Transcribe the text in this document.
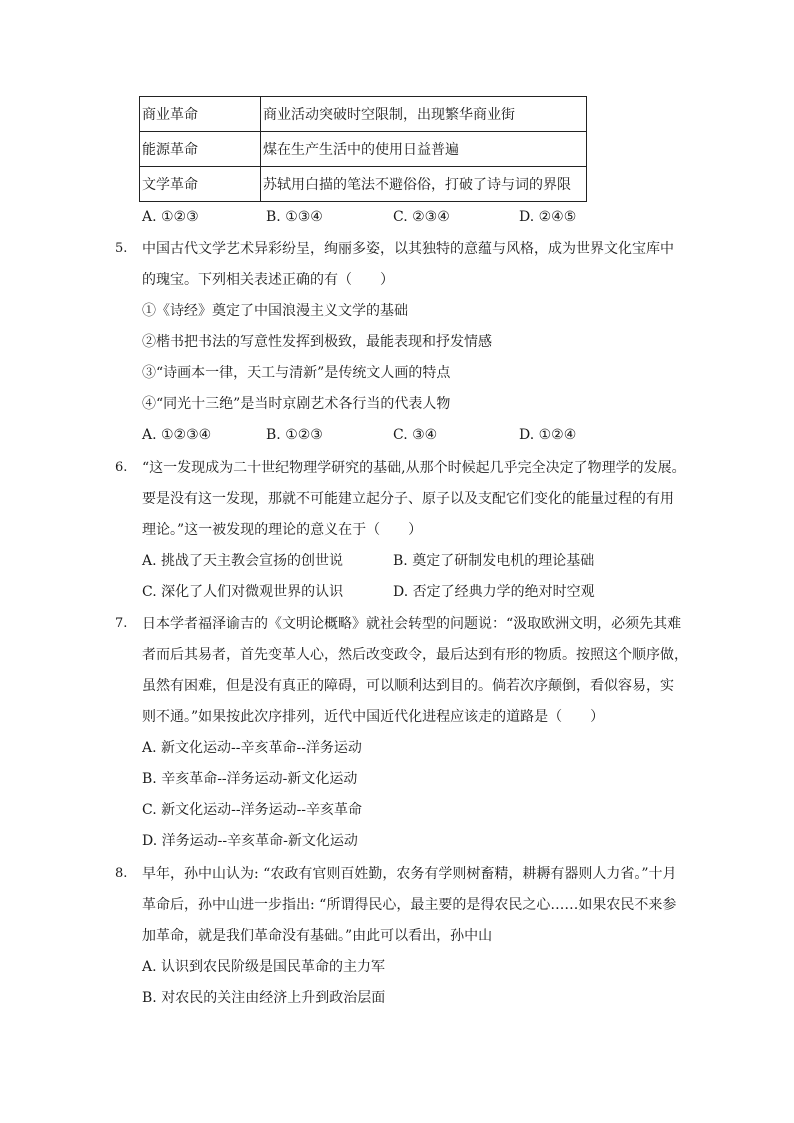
商业革命	商业活动突破时空限制，出现繁华商业街
能源革命	煤在生产生活中的使用日益普遍
文学革命	苏轼用白描的笔法不避俗俗，打破了诗与词的界限
A. ①②③	B. ①③④	C. ②③④	D. ②④⑤
5. 中国古代文学艺术异彩纷呈，绚丽多姿，以其独特的意蕴与风格，成为世界文化宝库中
的瑰宝。下列相关表述正确的有（　　）
①《诗经》奠定了中国浪漫主义文学的基础
②楷书把书法的写意性发挥到极致，最能表现和抒发情感
③“诗画本一律，天工与清新”是传统文人画的特点
④“同光十三绝”是当时京剧艺术各行当的代表人物
A. ①②③④	B. ①②③	C. ③④	D. ①②④
6. “这一发现成为二十世纪物理学研究的基础,从那个时候起几乎完全决定了物理学的发展。
要是没有这一发现，那就不可能建立起分子、原子以及支配它们变化的能量过程的有用
理论。”这一被发现的理论的意义在于（　　）
A. 挑战了天主教会宣扬的创世说	B. 奠定了研制发电机的理论基础
C. 深化了人们对微观世界的认识	D. 否定了经典力学的绝对时空观
7. 日本学者福泽谕吉的《文明论概略》就社会转型的问题说：“汲取欧洲文明，必须先其难
者而后其易者，首先变革人心，然后改变政令，最后达到有形的物质。按照这个顺序做，
虽然有困难，但是没有真正的障碍，可以顺利达到目的。倘若次序颠倒，看似容易，实
则不通。”如果按此次序排列，近代中国近代化进程应该走的道路是（　　）
A. 新文化运动--辛亥革命--洋务运动
B. 辛亥革命--洋务运动-新文化运动
C. 新文化运动--洋务运动--辛亥革命
D. 洋务运动--辛亥革命-新文化运动
8. 早年，孙中山认为: “农政有官则百姓勤，农务有学则树畜精，耕耨有器则人力省。”十月
革命后，孙中山进一步指出: “所谓得民心，最主要的是得农民之心……如果农民不来参
加革命，就是我们革命没有基础。”由此可以看出，孙中山
A. 认识到农民阶级是国民革命的主力军
B. 对农民的关注由经济上升到政治层面
